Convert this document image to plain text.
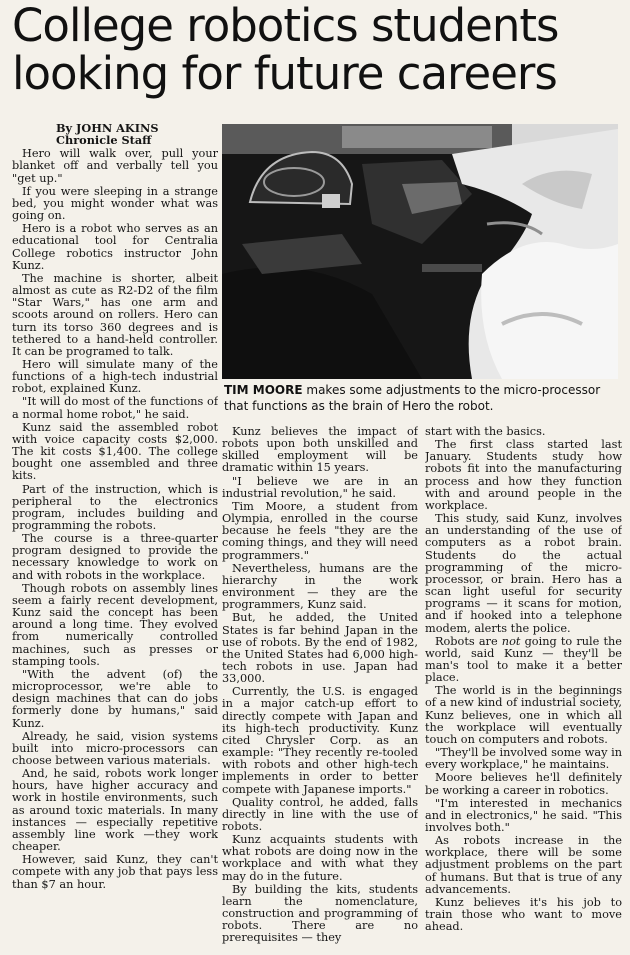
College robotics students
looking for future careers

By JOHN AKINS

Chronicle Staff

Hero will walk over, pull your blanket off and verbally tell you "get up."

If you were sleeping in a strange bed, you might wonder what was going on.

Hero is a robot who serves as an educational tool for Centralia College robotics instructor John Kunz.

The machine is shorter, albeit almost as cute as R2-D2 of the film "Star Wars," has one arm and scoots around on rollers. Hero can turn its torso 360 degrees and is tethered to a hand-held controller. It can be programed to talk.

Hero will simulate many of the functions of a high-tech industrial robot, explained Kunz.

"It will do most of the functions of a normal home robot," he said.

Kunz said the assembled robot with voice capacity costs $2,000. The kit costs $1,400. The college bought one assembled and three kits.

Part of the instruction, which is peripheral to the electronics program, includes building and programming the robots.

The course is a three-quarter program designed to provide the necessary knowledge to work on and with robots in the workplace.

Though robots on assembly lines seem a fairly recent development, Kunz said the concept has been around a long time. They evolved from numerically controlled machines, such as presses or stamping tools.

"With the advent (of) the microprocessor, we're able to design machines that can do jobs formerly done by humans," said Kunz.

Already, he said, vision systems built into micro-processors can choose between various materials.

And, he said, robots work longer hours, have higher accuracy and work in hostile environments, such as around toxic materials. In many instances — especially repetitive assembly line work —they work cheaper.

However, said Kunz, they can't compete with any job that pays less than $7 an hour.

TIM MOORE makes some adjustments to the micro-processor that functions as the brain of Hero the robot.

Kunz believes the impact of robots upon both unskilled and skilled employment will be dramatic within 15 years.

"I believe we are in an industrial revolution," he said.

Tim Moore, a student from Olympia, enrolled in the course because he feels "they are the coming things, and they will need programmers."

Nevertheless, humans are the hierarchy in the work environment — they are the programmers, Kunz said.

But, he added, the United States is far behind Japan in the use of robots. By the end of 1982, the United States had 6,000 high-tech robots in use. Japan had 33,000.

Currently, the U.S. is engaged in a major catch-up effort to directly compete with Japan and its high-tech productivity. Kunz cited Chrysler Corp. as an example: "They recently re-tooled with robots and other high-tech implements in order to better compete with Japanese imports."

Quality control, he added, falls directly in line with the use of robots.

Kunz acquaints students with what robots are doing now in the workplace and with what they may do in the future.

By building the kits, students learn the nomenclature, construction and programming of robots. There are no prerequisites — they

start with the basics.

The first class started last January. Students study how robots fit into the manufacturing process and how they function with and around people in the workplace.

This study, said Kunz, involves an understanding of the use of computers as a robot brain. Students do the actual programming of the micro-processor, or brain. Hero has a scan light useful for security programs — it scans for motion, and if hooked into a telephone modem, alerts the police.

Robots are not going to rule the world, said Kunz — they'll be man's tool to make it a better place.

The world is in the beginnings of a new kind of industrial society, Kunz believes, one in which all the workplace will eventually touch on computers and robots.

"They'll be involved some way in every workplace," he maintains.

Moore believes he'll definitely be working a career in robotics.

"I'm interested in mechanics and in electronics," he said. "This involves both."

As robots increase in the workplace, there will be some adjustment problems on the part of humans. But that is true of any advancements.

Kunz believes it's his job to train those who want to move ahead.
